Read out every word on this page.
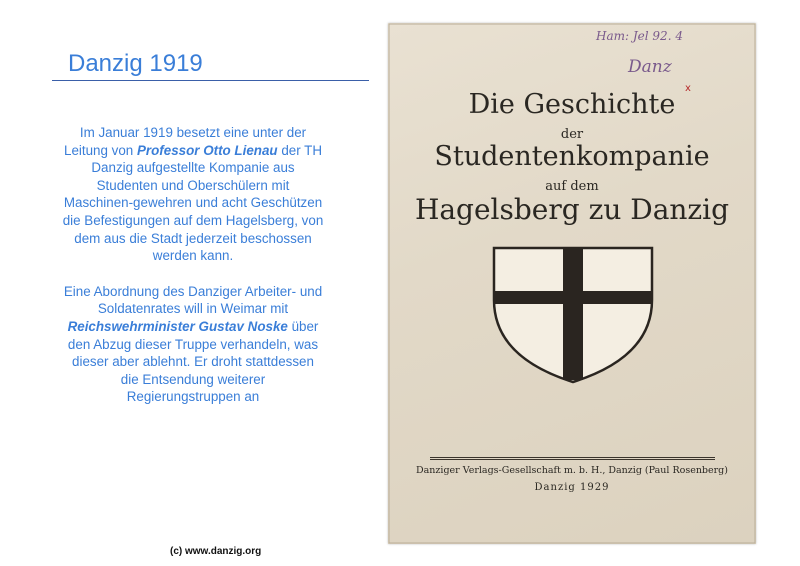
Danzig 1919

Im Januar 1919 besetzt eine unter der Leitung von Professor Otto Lienau der TH Danzig aufgestellte Kompanie aus Studenten und Oberschülern mit Maschinen-gewehren und acht Geschützen die Befestigungen auf dem Hagelsberg, von dem aus die Stadt jederzeit beschossen werden kann.

Eine Abordnung des Danziger Arbeiter- und Soldatenrates will in Weimar mit Reichswehrminister Gustav Noske über den Abzug dieser Truppe verhandeln, was dieser aber ablehnt. Er droht stattdessen die Entsendung weiterer Regierungstruppen an

(c) www.danzig.org
Ham: Jel 92. 4
Danz
x
Die Geschichte
der
Studentenkompanie
auf dem
Hagelsberg zu Danzig
Danziger Verlags-Gesellschaft m. b. H., Danzig (Paul Rosenberg)
Danzig 1929
